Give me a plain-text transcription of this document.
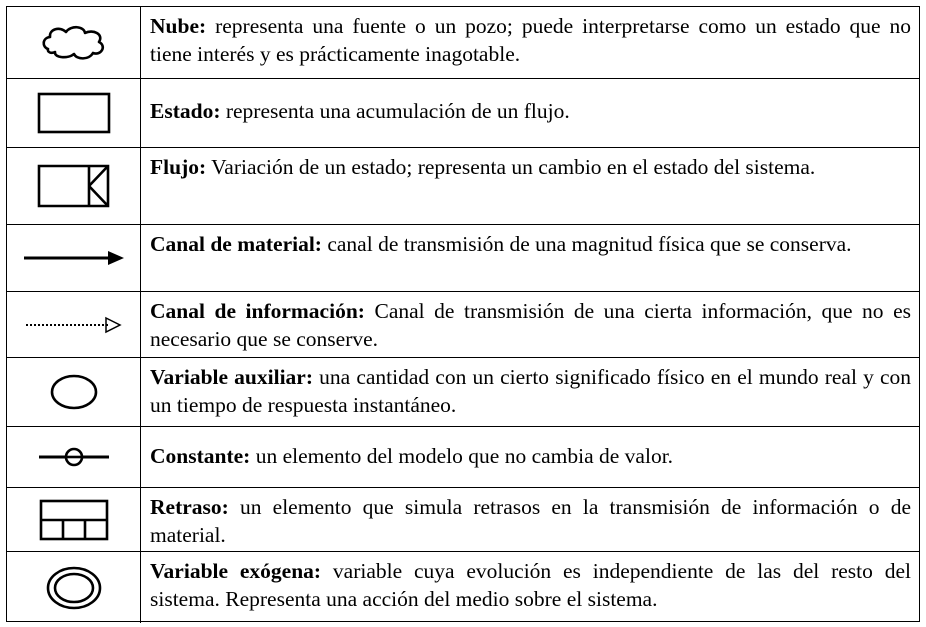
Nube: representa una fuente o un pozo; puede interpretarse como un estado que no tiene interés y es prácticamente inagotable.
Estado: representa una acumulación de un flujo.
Flujo: Variación de un estado; representa un cambio en el estado del sistema.
Canal de material: canal de transmisión de una magnitud física que se conserva.
Canal de información: Canal de transmisión de una cierta información, que no es necesario que se conserve.
Variable auxiliar: una cantidad con un cierto significado físico en el mundo real y con un tiempo de respuesta instantáneo.
Constante: un elemento del modelo que no cambia de valor.
Retraso: un elemento que simula retrasos en la transmisión de información o de material.
Variable exógena: variable cuya evolución es independiente de las del resto del sistema. Representa una acción del medio sobre el sistema.
